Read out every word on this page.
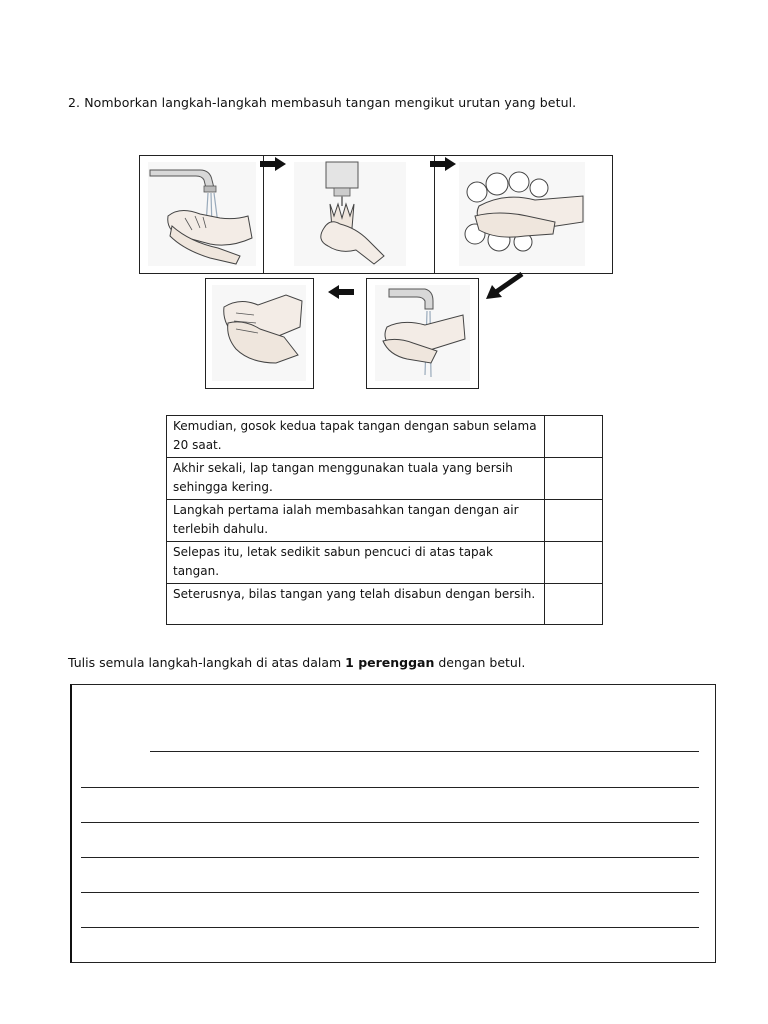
2. Nomborkan langkah-langkah membasuh tangan mengikut urutan yang betul.
Kemudian, gosok kedua tapak tangan dengan sabun selama 20 saat.	
Akhir sekali, lap tangan menggunakan tuala yang bersih sehingga kering.	
Langkah pertama ialah membasahkan tangan dengan air terlebih dahulu.	
Selepas itu, letak sedikit sabun pencuci di atas tapak tangan.	
Seterusnya, bilas tangan yang telah disabun dengan bersih.	
Tulis semula langkah-langkah di atas dalam 1 perenggan dengan betul.
